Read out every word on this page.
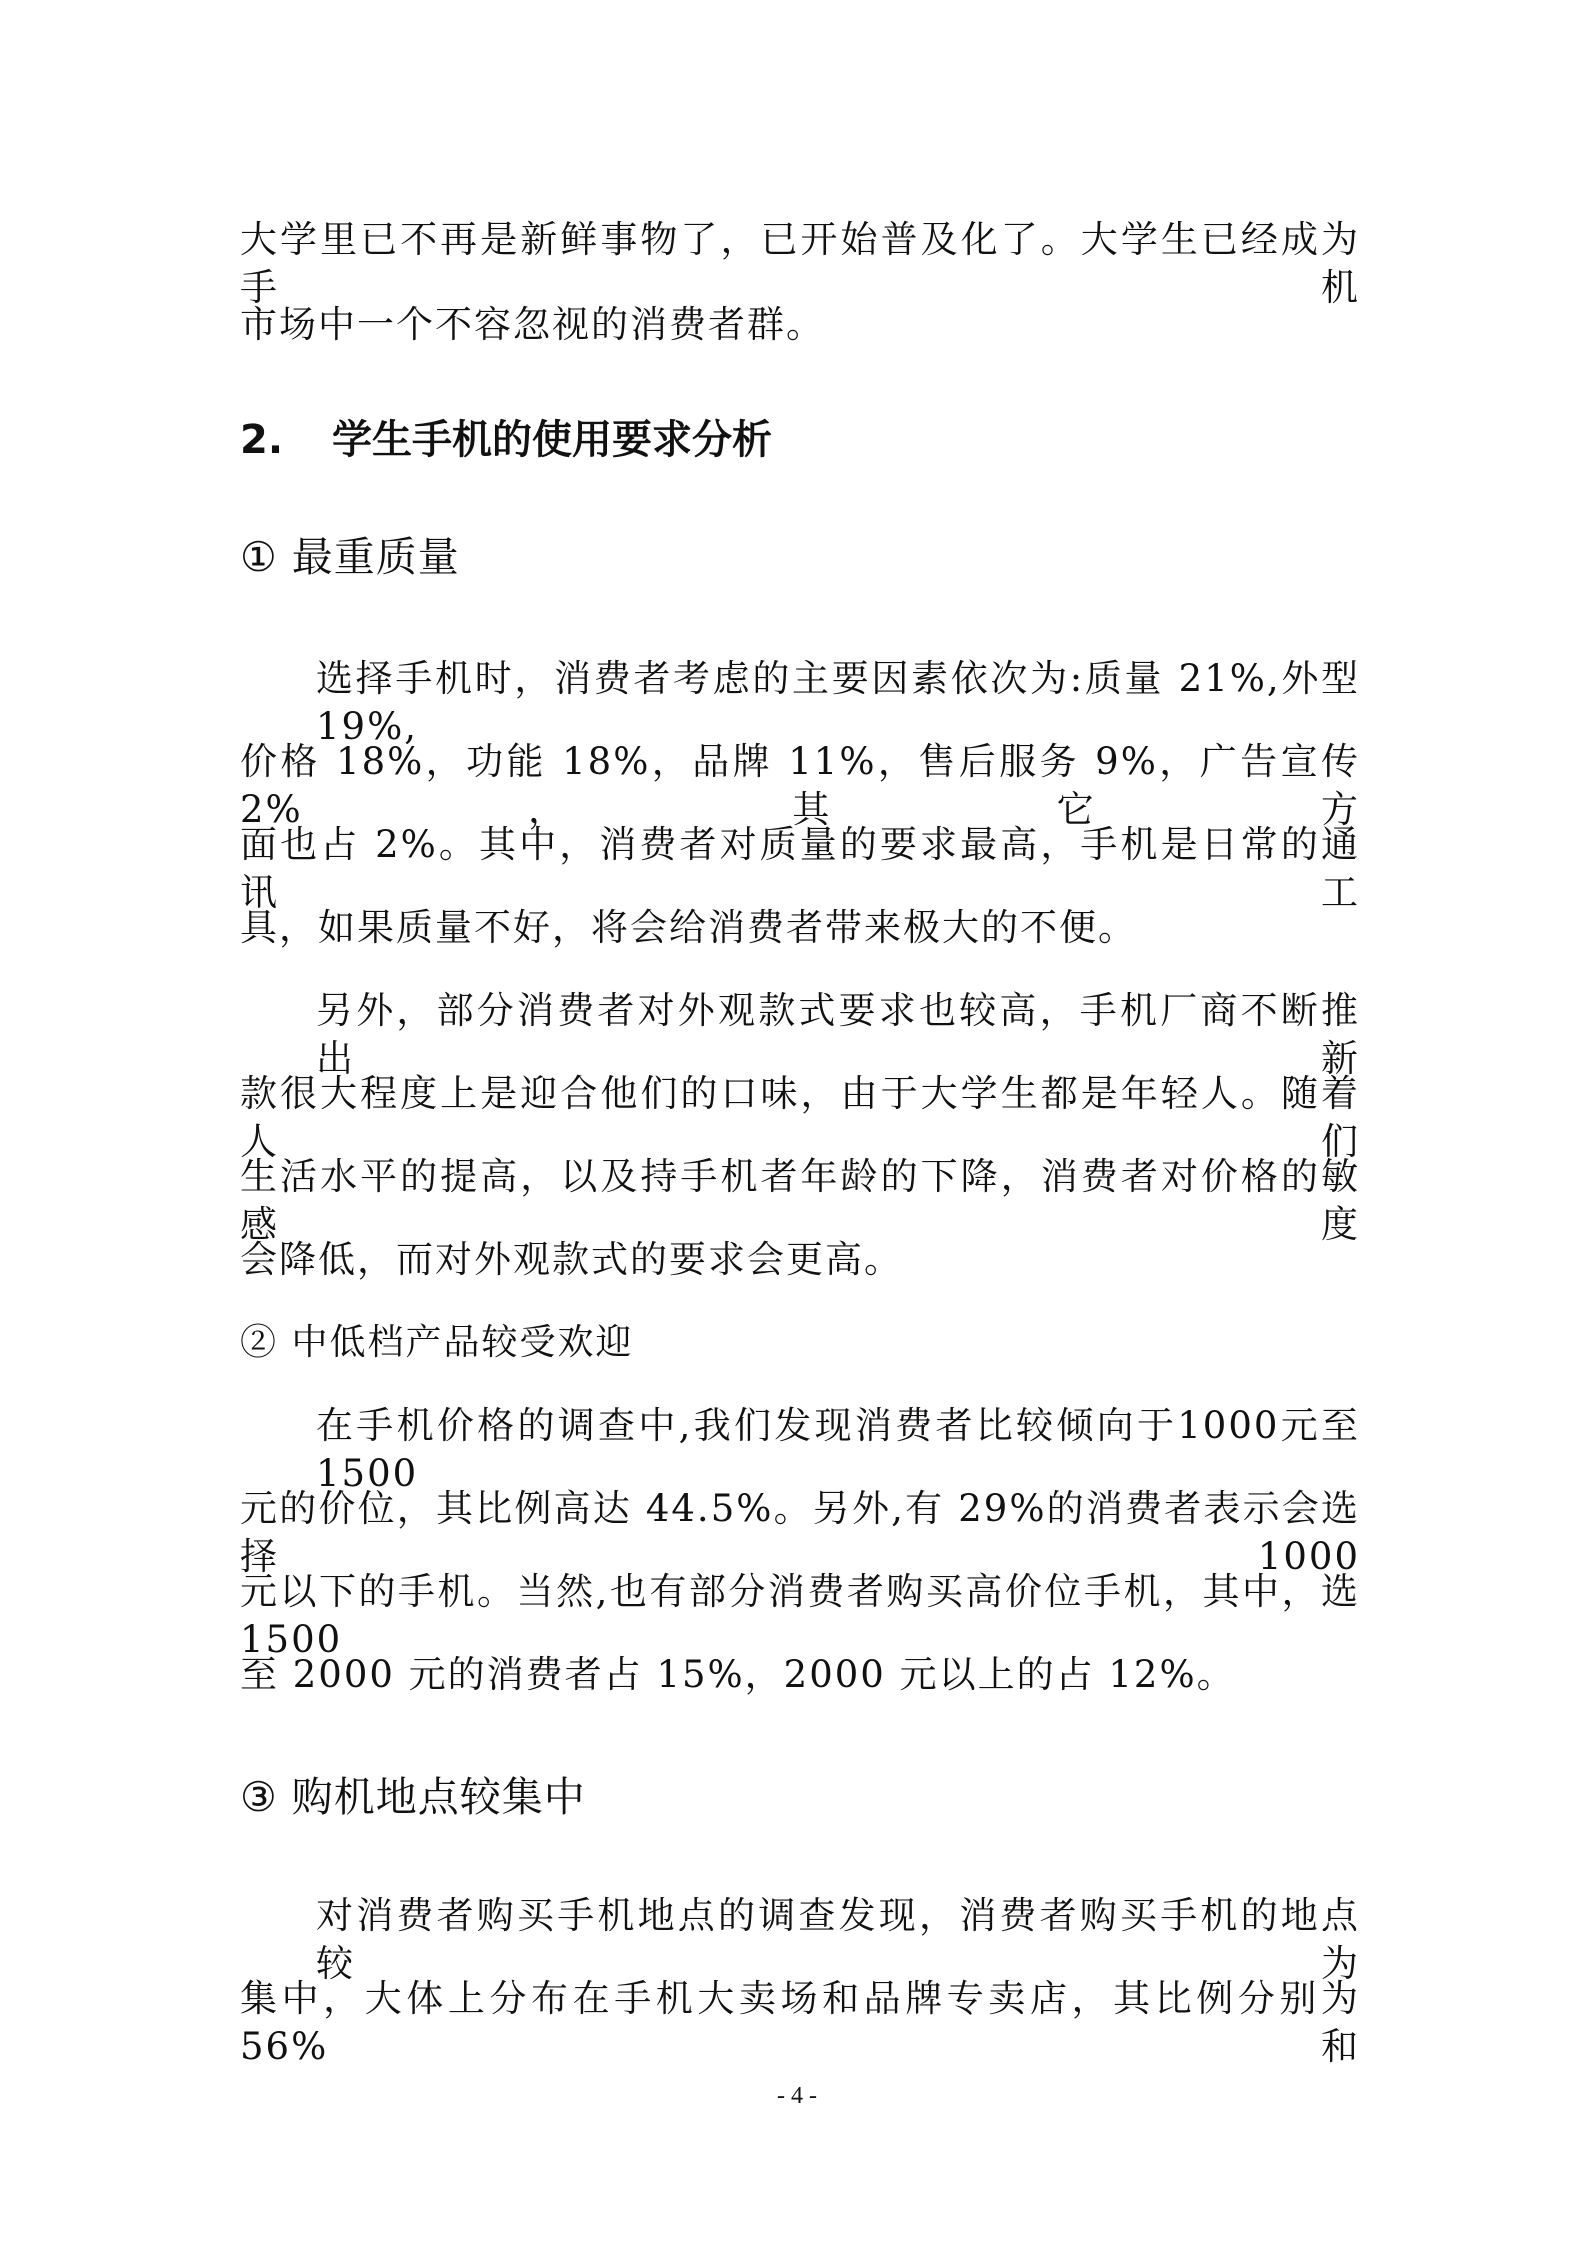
大学里已不再是新鲜事物了，已开始普及化了。大学生已经成为手机
市场中一个不容忽视的消费者群。
2. 学生手机的使用要求分析
① 最重质量
选择手机时，消费者考虑的主要因素依次为:质量 21%,外型 19%,
价格 18%，功能 18%，品牌 11%，售后服务 9%，广告宣传 2%，其它方
面也占 2%。其中，消费者对质量的要求最高，手机是日常的通讯工
具，如果质量不好，将会给消费者带来极大的不便。
另外，部分消费者对外观款式要求也较高，手机厂商不断推出新
款很大程度上是迎合他们的口味，由于大学生都是年轻人。随着人们
生活水平的提高，以及持手机者年龄的下降，消费者对价格的敏感度
会降低，而对外观款式的要求会更高。
② 中低档产品较受欢迎
在手机价格的调查中,我们发现消费者比较倾向于1000元至1500
元的价位，其比例高达 44.5%。另外,有 29%的消费者表示会选择 1000
元以下的手机。当然,也有部分消费者购买高价位手机，其中，选 1500
至 2000 元的消费者占 15%，2000 元以上的占 12%。
③ 购机地点较集中
对消费者购买手机地点的调查发现，消费者购买手机的地点较为
集中，大体上分布在手机大卖场和品牌专卖店，其比例分别为 56%和
- 4 -
